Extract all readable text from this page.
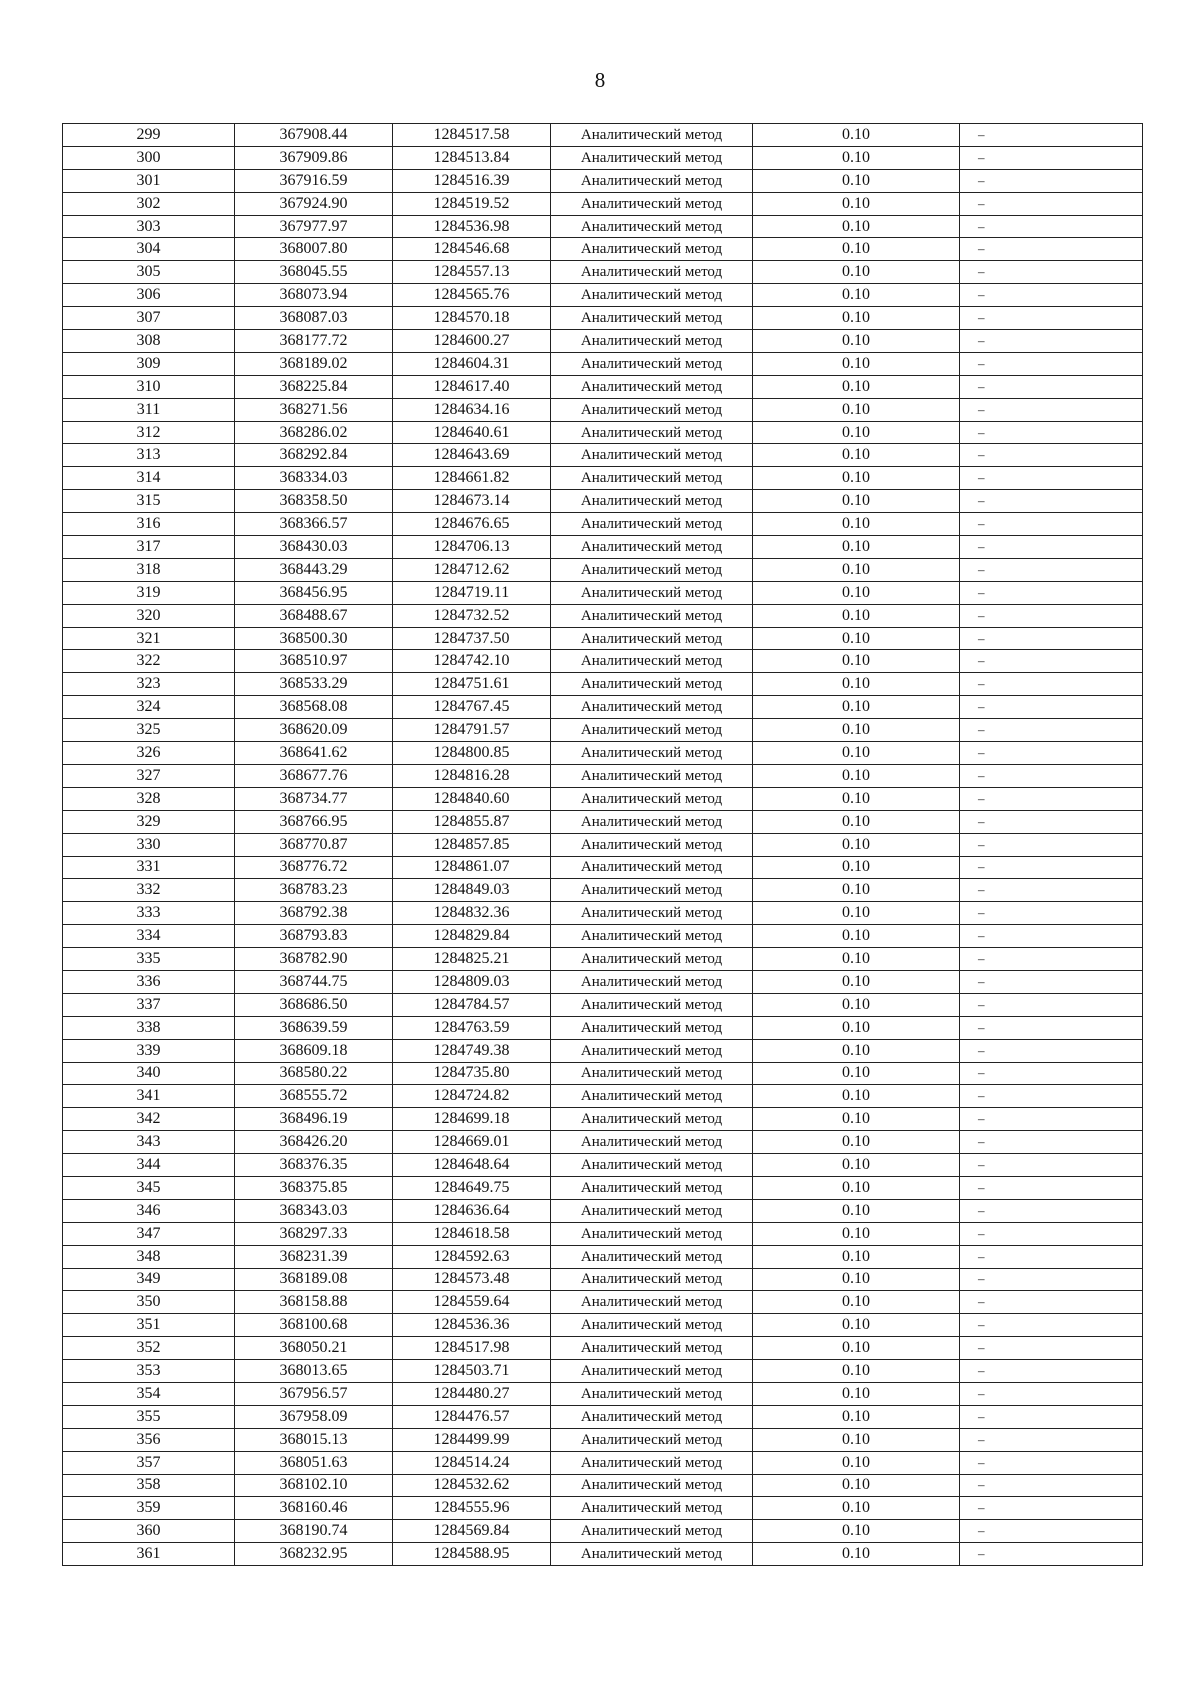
8
299	367908.44	1284517.58	Аналитический метод	0.10	–
300	367909.86	1284513.84	Аналитический метод	0.10	–
301	367916.59	1284516.39	Аналитический метод	0.10	–
302	367924.90	1284519.52	Аналитический метод	0.10	–
303	367977.97	1284536.98	Аналитический метод	0.10	–
304	368007.80	1284546.68	Аналитический метод	0.10	–
305	368045.55	1284557.13	Аналитический метод	0.10	–
306	368073.94	1284565.76	Аналитический метод	0.10	–
307	368087.03	1284570.18	Аналитический метод	0.10	–
308	368177.72	1284600.27	Аналитический метод	0.10	–
309	368189.02	1284604.31	Аналитический метод	0.10	–
310	368225.84	1284617.40	Аналитический метод	0.10	–
311	368271.56	1284634.16	Аналитический метод	0.10	–
312	368286.02	1284640.61	Аналитический метод	0.10	–
313	368292.84	1284643.69	Аналитический метод	0.10	–
314	368334.03	1284661.82	Аналитический метод	0.10	–
315	368358.50	1284673.14	Аналитический метод	0.10	–
316	368366.57	1284676.65	Аналитический метод	0.10	–
317	368430.03	1284706.13	Аналитический метод	0.10	–
318	368443.29	1284712.62	Аналитический метод	0.10	–
319	368456.95	1284719.11	Аналитический метод	0.10	–
320	368488.67	1284732.52	Аналитический метод	0.10	–
321	368500.30	1284737.50	Аналитический метод	0.10	–
322	368510.97	1284742.10	Аналитический метод	0.10	–
323	368533.29	1284751.61	Аналитический метод	0.10	–
324	368568.08	1284767.45	Аналитический метод	0.10	–
325	368620.09	1284791.57	Аналитический метод	0.10	–
326	368641.62	1284800.85	Аналитический метод	0.10	–
327	368677.76	1284816.28	Аналитический метод	0.10	–
328	368734.77	1284840.60	Аналитический метод	0.10	–
329	368766.95	1284855.87	Аналитический метод	0.10	–
330	368770.87	1284857.85	Аналитический метод	0.10	–
331	368776.72	1284861.07	Аналитический метод	0.10	–
332	368783.23	1284849.03	Аналитический метод	0.10	–
333	368792.38	1284832.36	Аналитический метод	0.10	–
334	368793.83	1284829.84	Аналитический метод	0.10	–
335	368782.90	1284825.21	Аналитический метод	0.10	–
336	368744.75	1284809.03	Аналитический метод	0.10	–
337	368686.50	1284784.57	Аналитический метод	0.10	–
338	368639.59	1284763.59	Аналитический метод	0.10	–
339	368609.18	1284749.38	Аналитический метод	0.10	–
340	368580.22	1284735.80	Аналитический метод	0.10	–
341	368555.72	1284724.82	Аналитический метод	0.10	–
342	368496.19	1284699.18	Аналитический метод	0.10	–
343	368426.20	1284669.01	Аналитический метод	0.10	–
344	368376.35	1284648.64	Аналитический метод	0.10	–
345	368375.85	1284649.75	Аналитический метод	0.10	–
346	368343.03	1284636.64	Аналитический метод	0.10	–
347	368297.33	1284618.58	Аналитический метод	0.10	–
348	368231.39	1284592.63	Аналитический метод	0.10	–
349	368189.08	1284573.48	Аналитический метод	0.10	–
350	368158.88	1284559.64	Аналитический метод	0.10	–
351	368100.68	1284536.36	Аналитический метод	0.10	–
352	368050.21	1284517.98	Аналитический метод	0.10	–
353	368013.65	1284503.71	Аналитический метод	0.10	–
354	367956.57	1284480.27	Аналитический метод	0.10	–
355	367958.09	1284476.57	Аналитический метод	0.10	–
356	368015.13	1284499.99	Аналитический метод	0.10	–
357	368051.63	1284514.24	Аналитический метод	0.10	–
358	368102.10	1284532.62	Аналитический метод	0.10	–
359	368160.46	1284555.96	Аналитический метод	0.10	–
360	368190.74	1284569.84	Аналитический метод	0.10	–
361	368232.95	1284588.95	Аналитический метод	0.10	–
